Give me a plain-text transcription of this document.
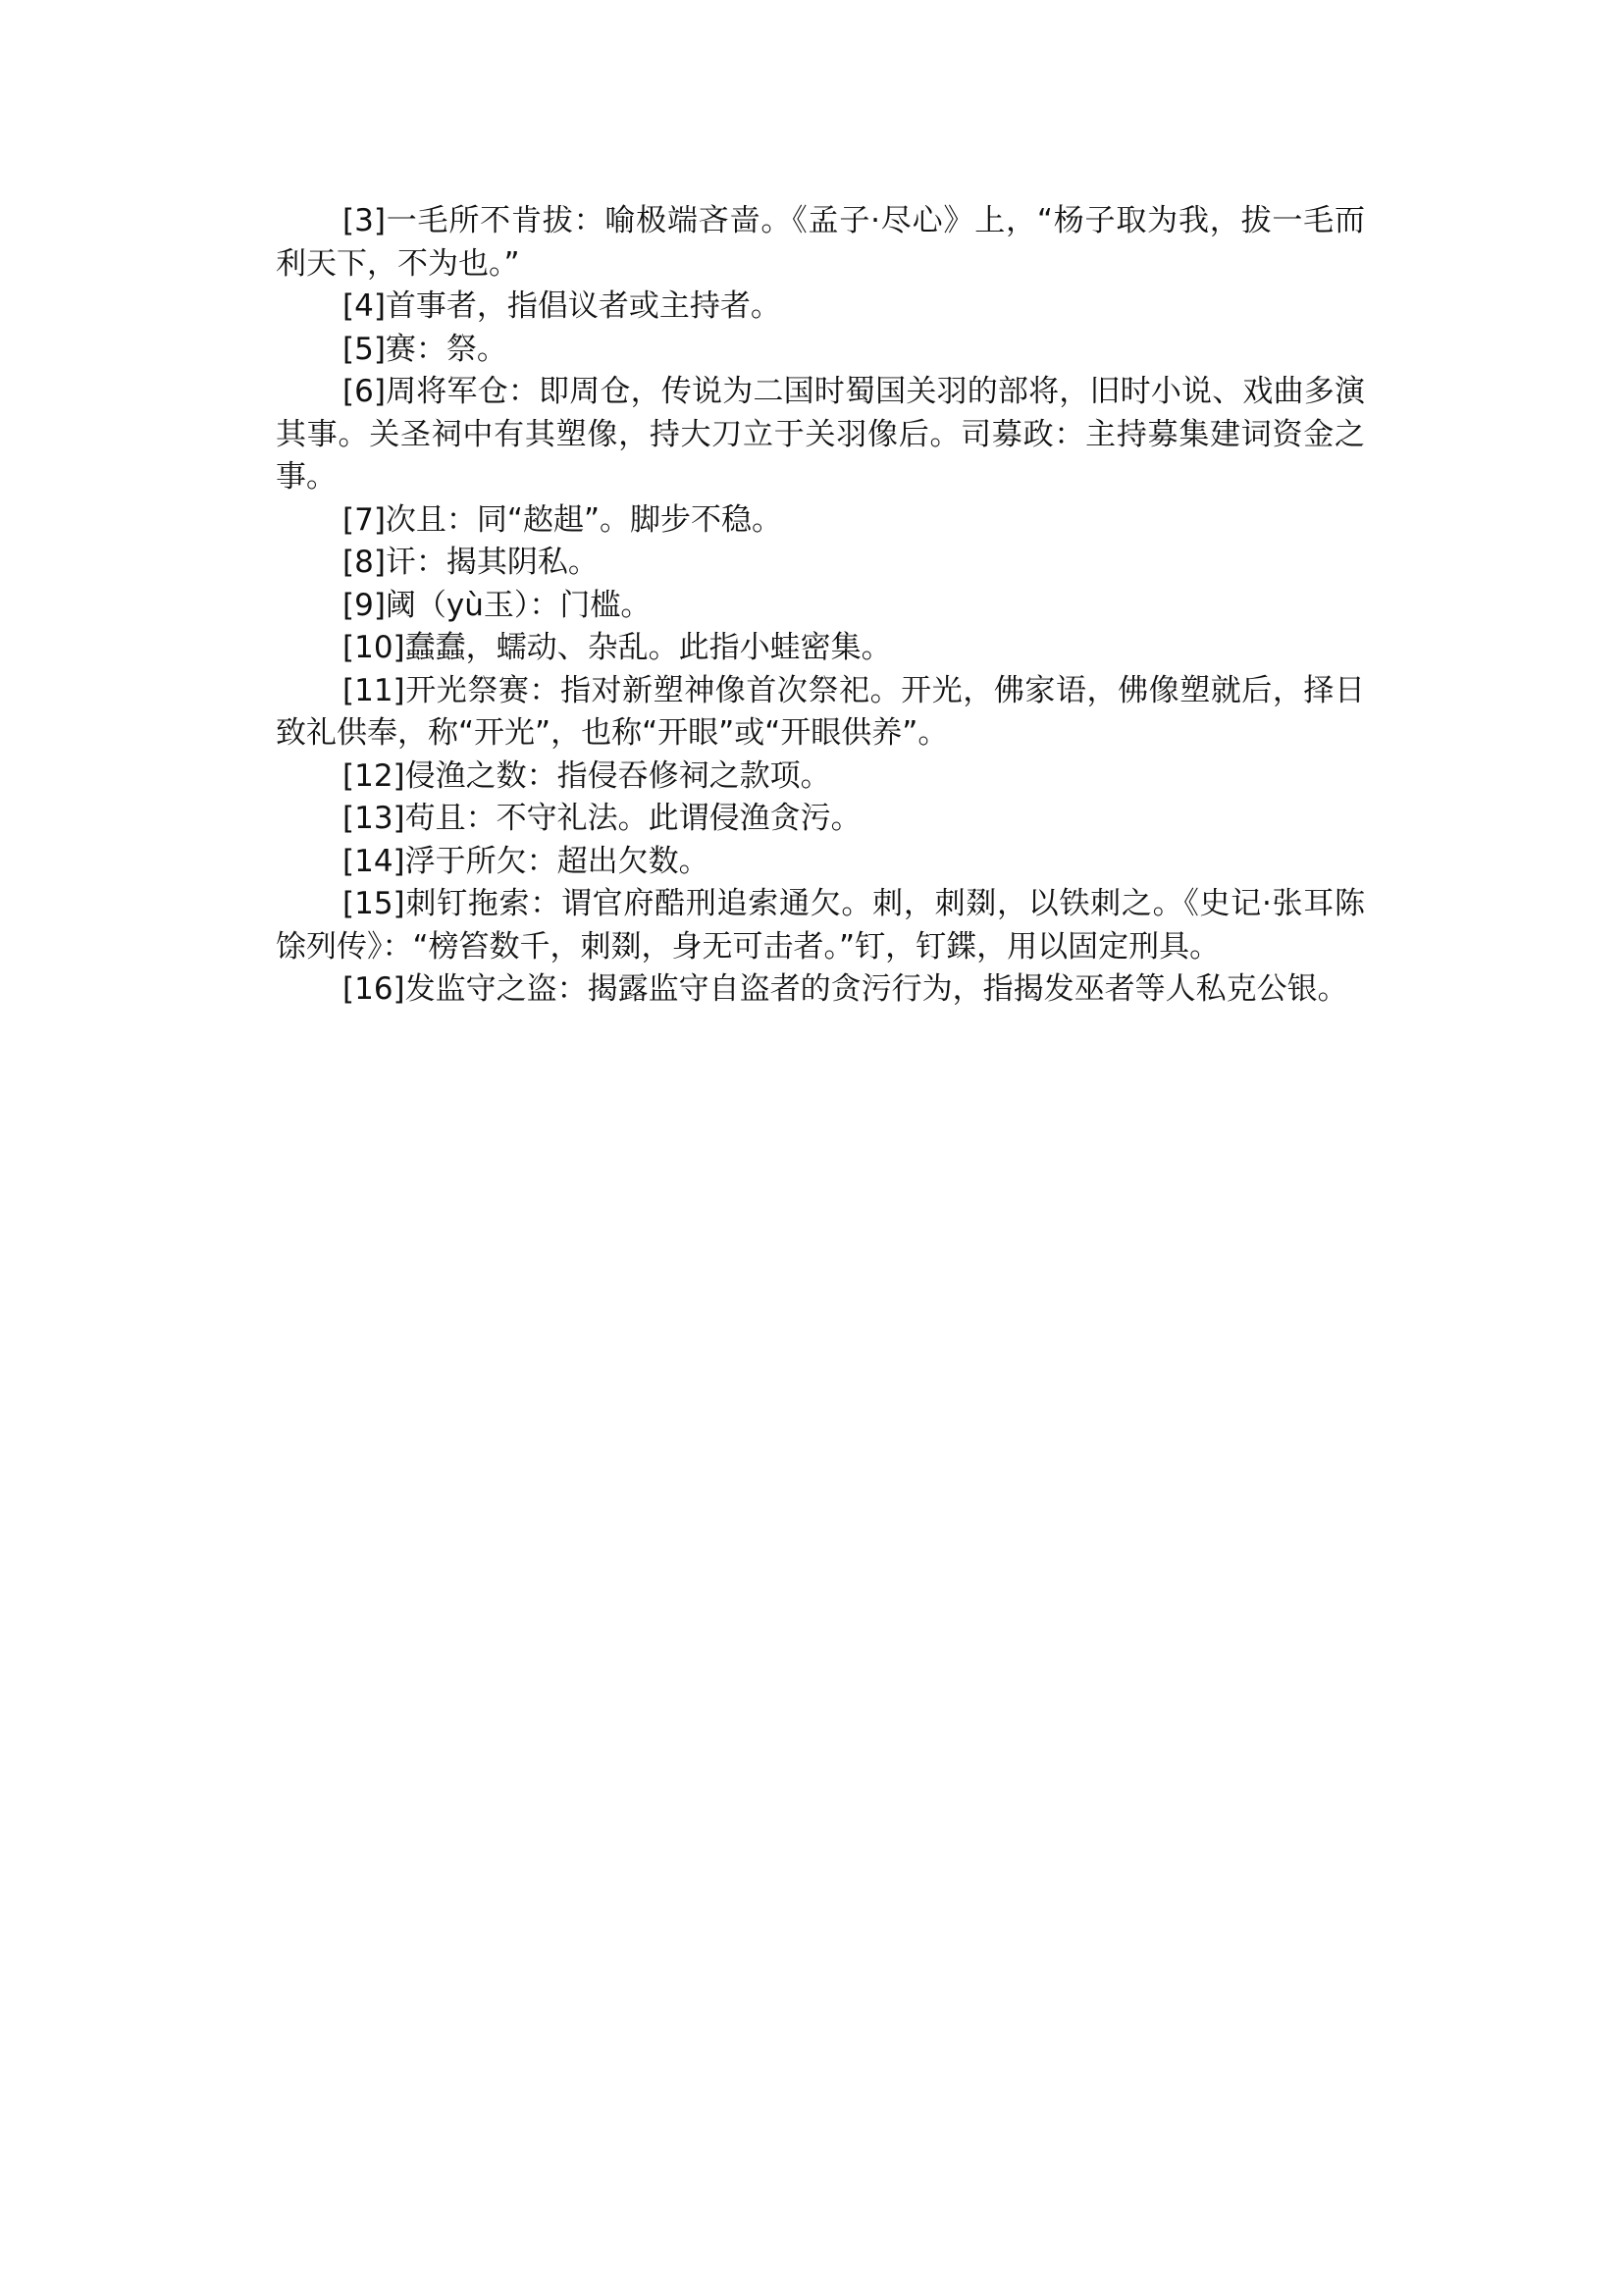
[3]一毛所不肯拔：喻极端吝啬。《孟子·尽心》上，“杨子取为我，拔一毛而利天下，不为也。”

[4]首事者，指倡议者或主持者。

[5]赛：祭。

[6]周将军仓：即周仓，传说为二国时蜀国关羽的部将，旧时小说、戏曲多演其事。关圣祠中有其塑像，持大刀立于关羽像后。司募政：主持募集建词资金之事。

[7]次且：同“趑趄”。脚步不稳。

[8]讦：揭其阴私。

[9]阈（yù玉）：门槛。

[10]蠢蠢，蠕动、杂乱。此指小蛙密集。

[11]开光祭赛：指对新塑神像首次祭祀。开光，佛家语，佛像塑就后，择日致礼供奉，称“开光”，也称“开眼”或“开眼供养”。

[12]侵渔之数：指侵吞修祠之款项。

[13]苟且：不守礼法。此谓侵渔贪污。

[14]浮于所欠：超出欠数。

[15]刺钉拖索：谓官府酷刑追索通欠。刺，刺剟，以铁刺之。《史记·张耳陈馀列传》：“榜笞数千，刺剟，身无可击者。”钉，钉鍱，用以固定刑具。

[16]发监守之盗：揭露监守自盗者的贪污行为，指揭发巫者等人私克公银。
